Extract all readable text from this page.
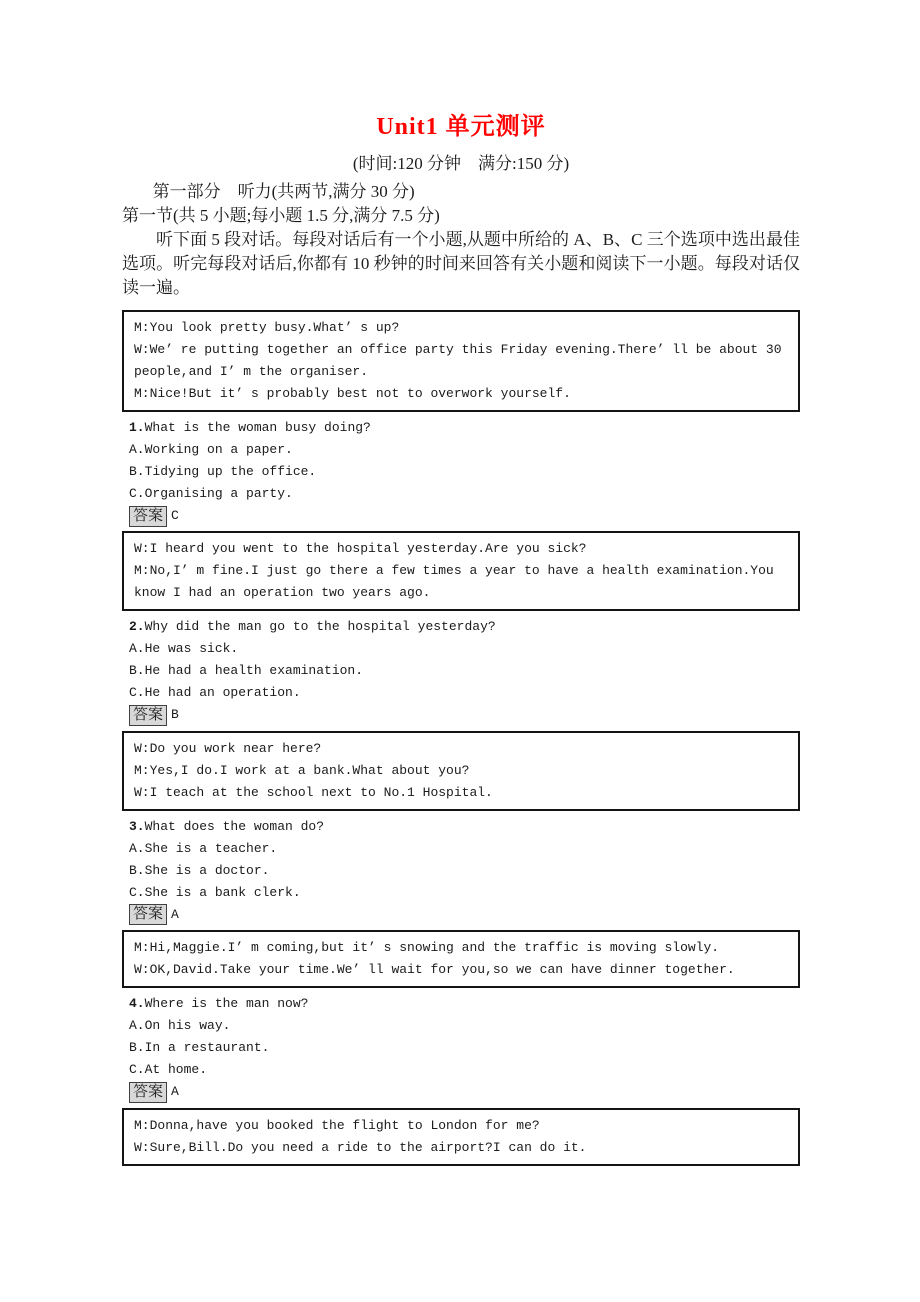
Unit1 单元测评
(时间:120 分钟　满分:150 分)
第一部分　听力(共两节,满分 30 分)
第一节(共 5 小题;每小题 1.5 分,满分 7.5 分)
听下面 5 段对话。每段对话后有一个小题,从题中所给的 A、B、C 三个选项中选出最佳选项。听完每段对话后,你都有 10 秒钟的时间来回答有关小题和阅读下一小题。每段对话仅读一遍。
M:You look pretty busy.What’ s up?
W:We’ re putting together an office party this Friday evening.There’ ll be about 30 people,and I’ m the organiser.
M:Nice!But it’ s probably best not to overwork yourself.
1.What is the woman busy doing?
A.Working on a paper.
B.Tidying up the office.
C.Organising a party.
答案 C
W:I heard you went to the hospital yesterday.Are you sick?
M:No,I’ m fine.I just go there a few times a year to have a health examination.You know I had an operation two years ago.
2.Why did the man go to the hospital yesterday?
A.He was sick.
B.He had a health examination.
C.He had an operation.
答案 B
W:Do you work near here?
M:Yes,I do.I work at a bank.What about you?
W:I teach at the school next to No.1 Hospital.
3.What does the woman do?
A.She is a teacher.
B.She is a doctor.
C.She is a bank clerk.
答案 A
M:Hi,Maggie.I’ m coming,but it’ s snowing and the traffic is moving slowly.
W:OK,David.Take your time.We’ ll wait for you,so we can have dinner together.
4.Where is the man now?
A.On his way.
B.In a restaurant.
C.At home.
答案 A
M:Donna,have you booked the flight to London for me?
W:Sure,Bill.Do you need a ride to the airport?I can do it.
